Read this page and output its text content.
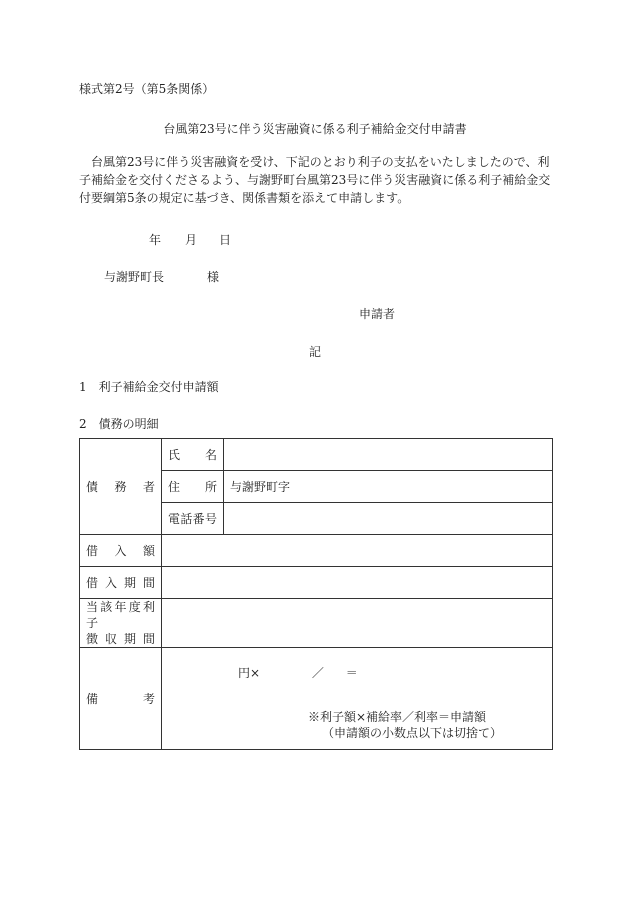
様式第2号（第5条関係）
台風第23号に伴う災害融資に係る利子補給金交付申請書
台風第23号に伴う災害融資を受け、下記のとおり利子の支払をいたしましたので、利子補給金を交付くださるよう、与謝野町台風第23号に伴う災害融資に係る利子補給金交付要綱第5条の規定に基づき、関係書類を添えて申請します。
年 月 日
与謝野町長	様
申請者
記
1　利子補給金交付申請額
2　債務の明細
債　務　者	氏　名	
	住　所	与謝野町字
	電話番号	
借入額		
借入期間		

当該年度利子
徴収期間		

備　考	円× ／ ＝
※利子額×補給率／利率＝申請額
（申請額の小数点以下は切捨て）	
